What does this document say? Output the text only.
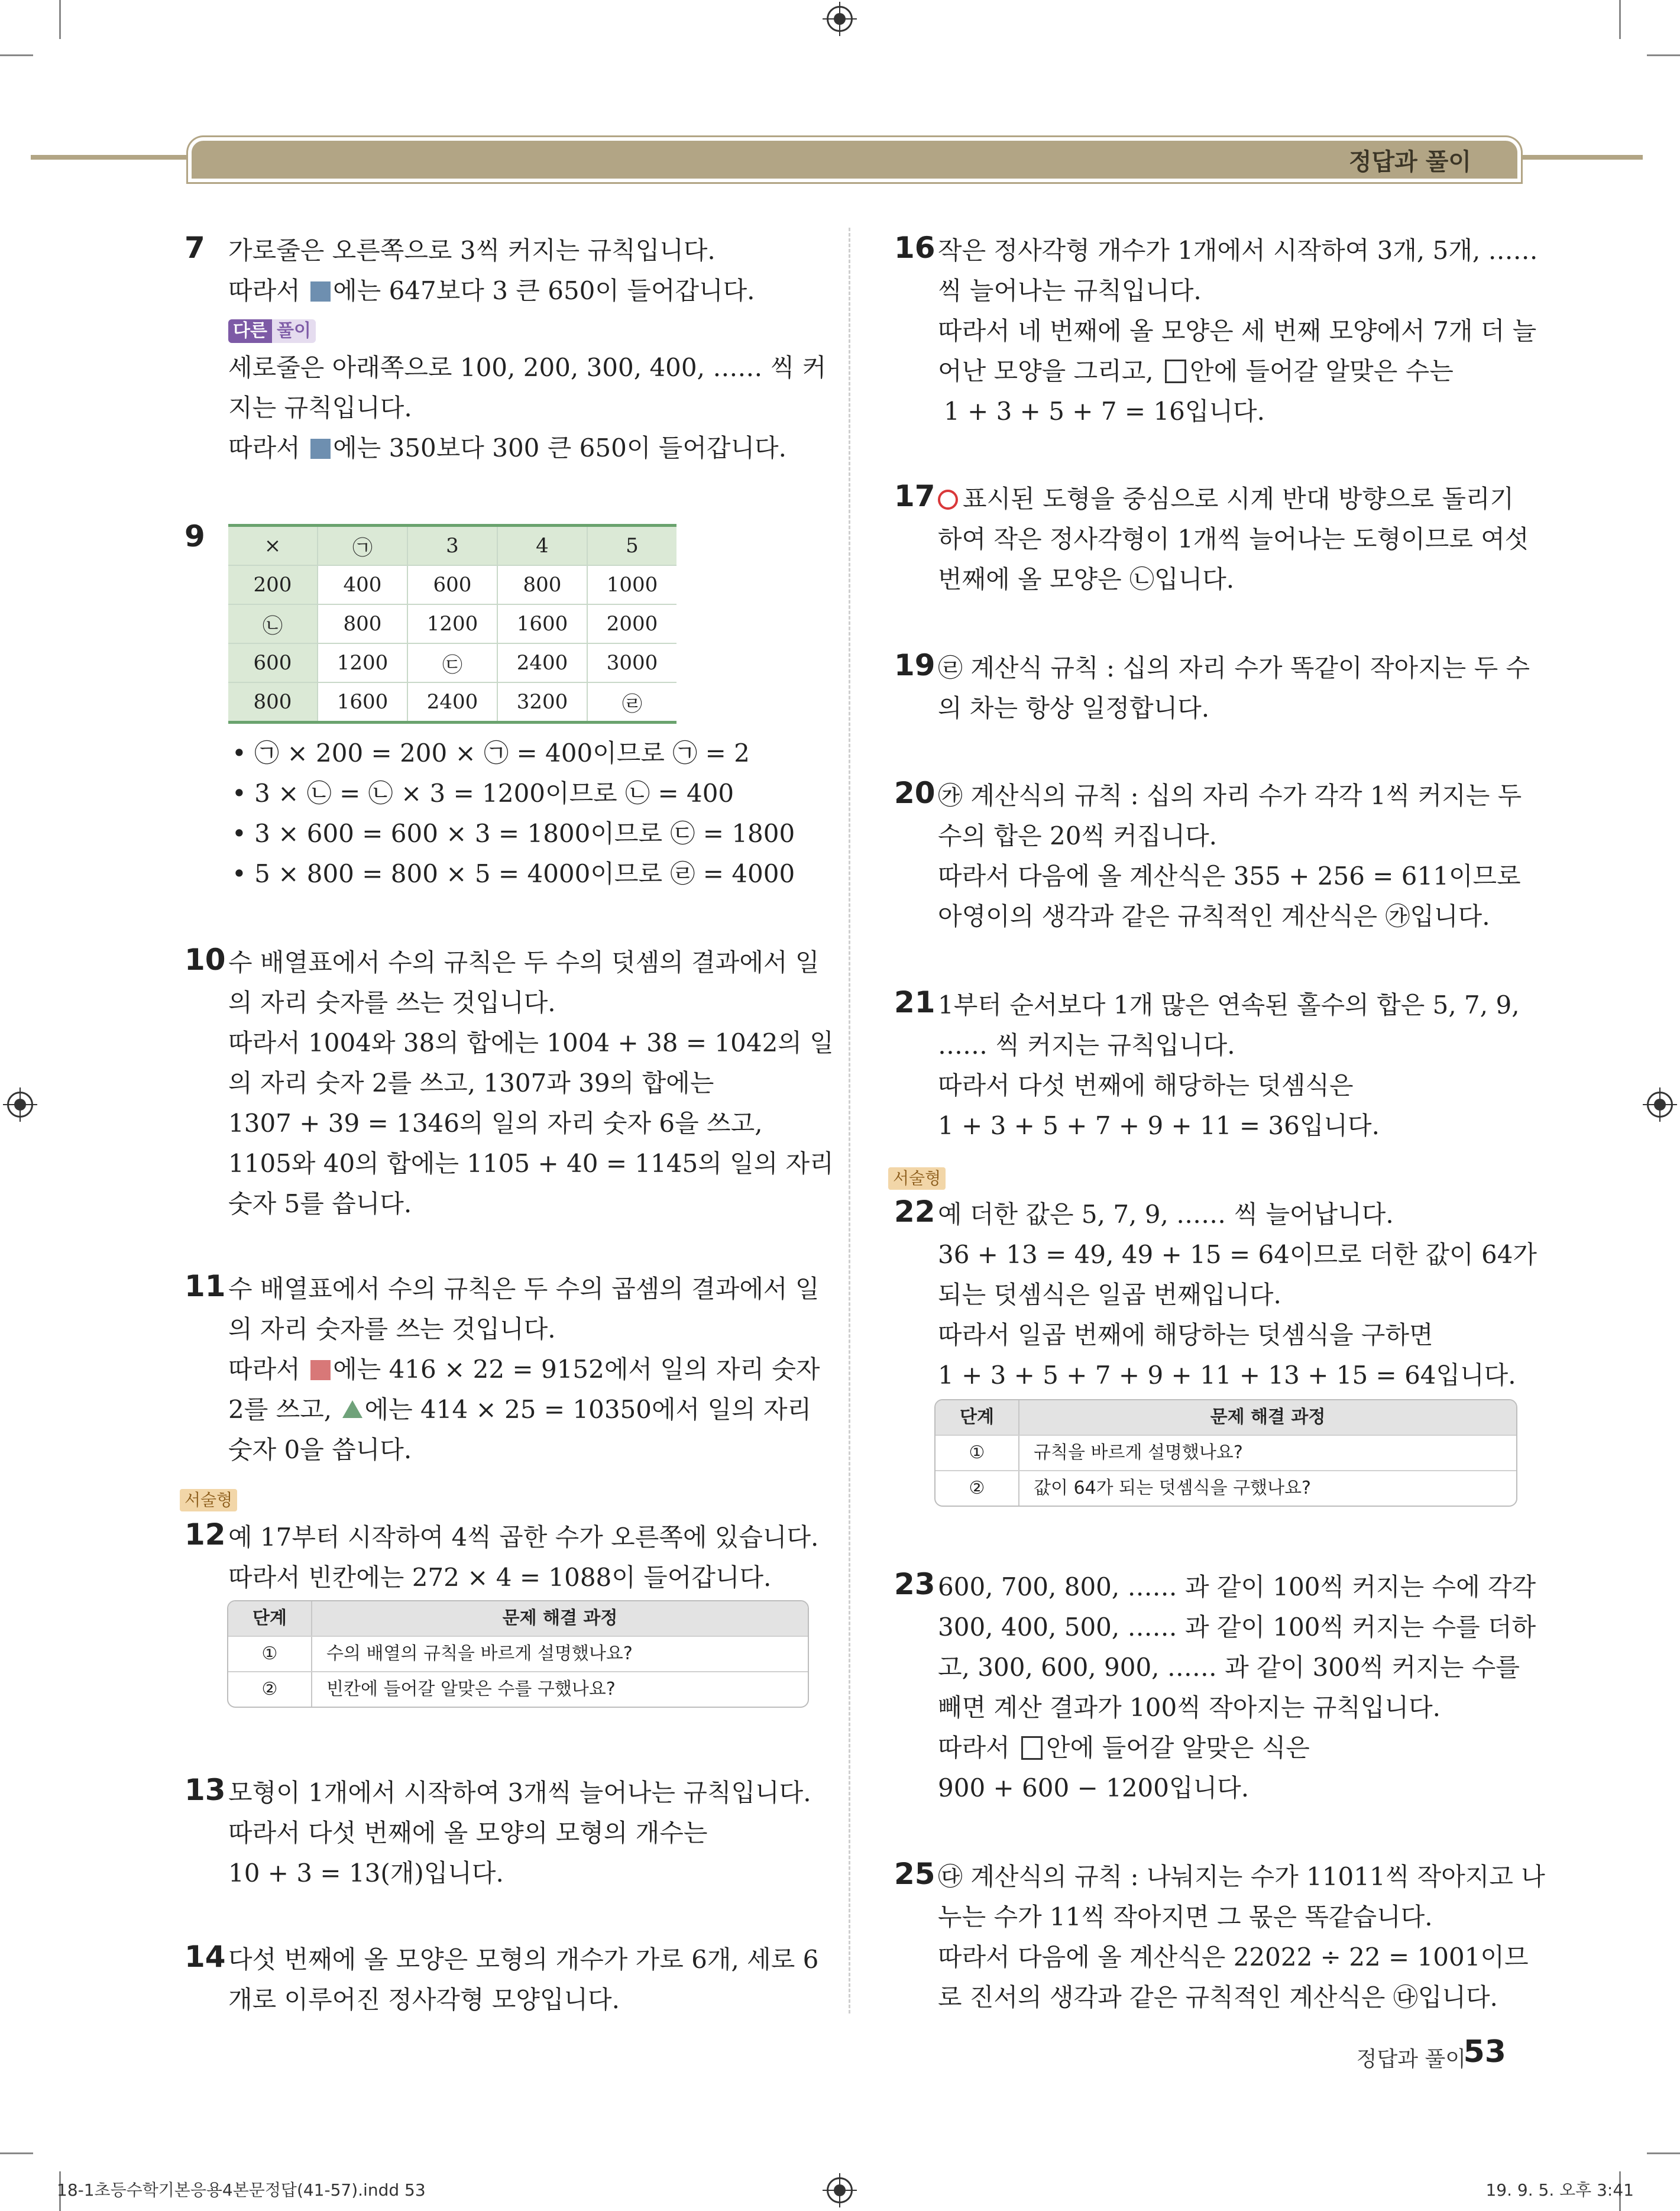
정답과 풀이
7 가로줄은 오른쪽으로 3씩 커지는 규칙입니다.
따라서 에는 647보다 3 큰 650이 들어갑니다.
다른 풀이
세로줄은 아래쪽으로 100, 200, 300, 400, …… 씩 커
지는 규칙입니다.
따라서 에는 350보다 300 큰 650이 들어갑니다.
9	×	㉠	3	4	5
200	400	600	800	1000
㉡	800	1200	1600	2000
600	1200	㉢	2400	3000
800	1600	2400	3200	㉣
• ㉠ × 200 = 200 × ㉠ = 400이므로 ㉠ = 2
• 3 × ㉡ = ㉡ × 3 = 1200이므로 ㉡ = 400
• 3 × 600 = 600 × 3 = 1800이므로 ㉢ = 1800
• 5 × 800 = 800 × 5 = 4000이므로 ㉣ = 4000
10 수 배열표에서 수의 규칙은 두 수의 덧셈의 결과에서 일
의 자리 숫자를 쓰는 것입니다.
따라서 1004와 38의 합에는 1004 + 38 = 1042의 일
의 자리 숫자 2를 쓰고, 1307과 39의 합에는
1307 + 39 = 1346의 일의 자리 숫자 6을 쓰고,
1105와 40의 합에는 1105 + 40 = 1145의 일의 자리
숫자 5를 씁니다.
11 수 배열표에서 수의 규칙은 두 수의 곱셈의 결과에서 일
의 자리 숫자를 쓰는 것입니다.
따라서 에는 416 × 22 = 9152에서 일의 자리 숫자
2를 쓰고, 에는 414 × 25 = 10350에서 일의 자리
숫자 0을 씁니다.
서술형
12 예 17부터 시작하여 4씩 곱한 수가 오른쪽에 있습니다.
따라서 빈칸에는 272 × 4 = 1088이 들어갑니다.
단계	문제 해결 과정
①	수의 배열의 규칙을 바르게 설명했나요?
②	빈칸에 들어갈 알맞은 수를 구했나요?
13 모형이 1개에서 시작하여 3개씩 늘어나는 규칙입니다.
따라서 다섯 번째에 올 모양의 모형의 개수는
10 + 3 = 13(개)입니다.
14 다섯 번째에 올 모양은 모형의 개수가 가로 6개, 세로 6
개로 이루어진 정사각형 모양입니다.
16 작은 정사각형 개수가 1개에서 시작하여 3개, 5개, ……
씩 늘어나는 규칙입니다.
따라서 네 번째에 올 모양은 세 번째 모양에서 7개 더 늘
어난 모양을 그리고, 안에 들어갈 알맞은 수는
1 + 3 + 5 + 7 = 16입니다.
17	표시된 도형을 중심으로 시계 반대 방향으로 돌리기
하여 작은 정사각형이 1개씩 늘어나는 도형이므로 여섯
번째에 올 모양은 ㉡입니다.
19 ㉣ 계산식 규칙 : 십의 자리 수가 똑같이 작아지는 두 수
의 차는 항상 일정합니다.
20 ㉮ 계산식의 규칙 : 십의 자리 수가 각각 1씩 커지는 두
수의 합은 20씩 커집니다.
따라서 다음에 올 계산식은 355 + 256 = 611이므로
아영이의 생각과 같은 규칙적인 계산식은 ㉮입니다.
21 1부터 순서보다 1개 많은 연속된 홀수의 합은 5, 7, 9,
…… 씩 커지는 규칙입니다.
따라서 다섯 번째에 해당하는 덧셈식은
1 + 3 + 5 + 7 + 9 + 11 = 36입니다.
서술형
22 예 더한 값은 5, 7, 9, …… 씩 늘어납니다.
36 + 13 = 49, 49 + 15 = 64이므로 더한 값이 64가
되는 덧셈식은 일곱 번째입니다.
따라서 일곱 번째에 해당하는 덧셈식을 구하면
1 + 3 + 5 + 7 + 9 + 11 + 13 + 15 = 64입니다.
단계	문제 해결 과정
①	규칙을 바르게 설명했나요?
②	값이 64가 되는 덧셈식을 구했나요?
23 600, 700, 800, …… 과 같이 100씩 커지는 수에 각각
300, 400, 500, …… 과 같이 100씩 커지는 수를 더하
고, 300, 600, 900, …… 과 같이 300씩 커지는 수를
빼면 계산 결과가 100씩 작아지는 규칙입니다.
따라서 안에 들어갈 알맞은 식은
900 + 600 − 1200입니다.
25 ㉰ 계산식의 규칙 : 나눠지는 수가 11011씩 작아지고 나
누는 수가 11씩 작아지면 그 몫은 똑같습니다.
따라서 다음에 올 계산식은 22022 ÷ 22 = 1001이므
로 진서의 생각과 같은 규칙적인 계산식은 ㉰입니다.
정답과 풀이
53
18-1초등수학기본응용4본문정답(41-57).indd 53	19. 9. 5. 오후 3:41
